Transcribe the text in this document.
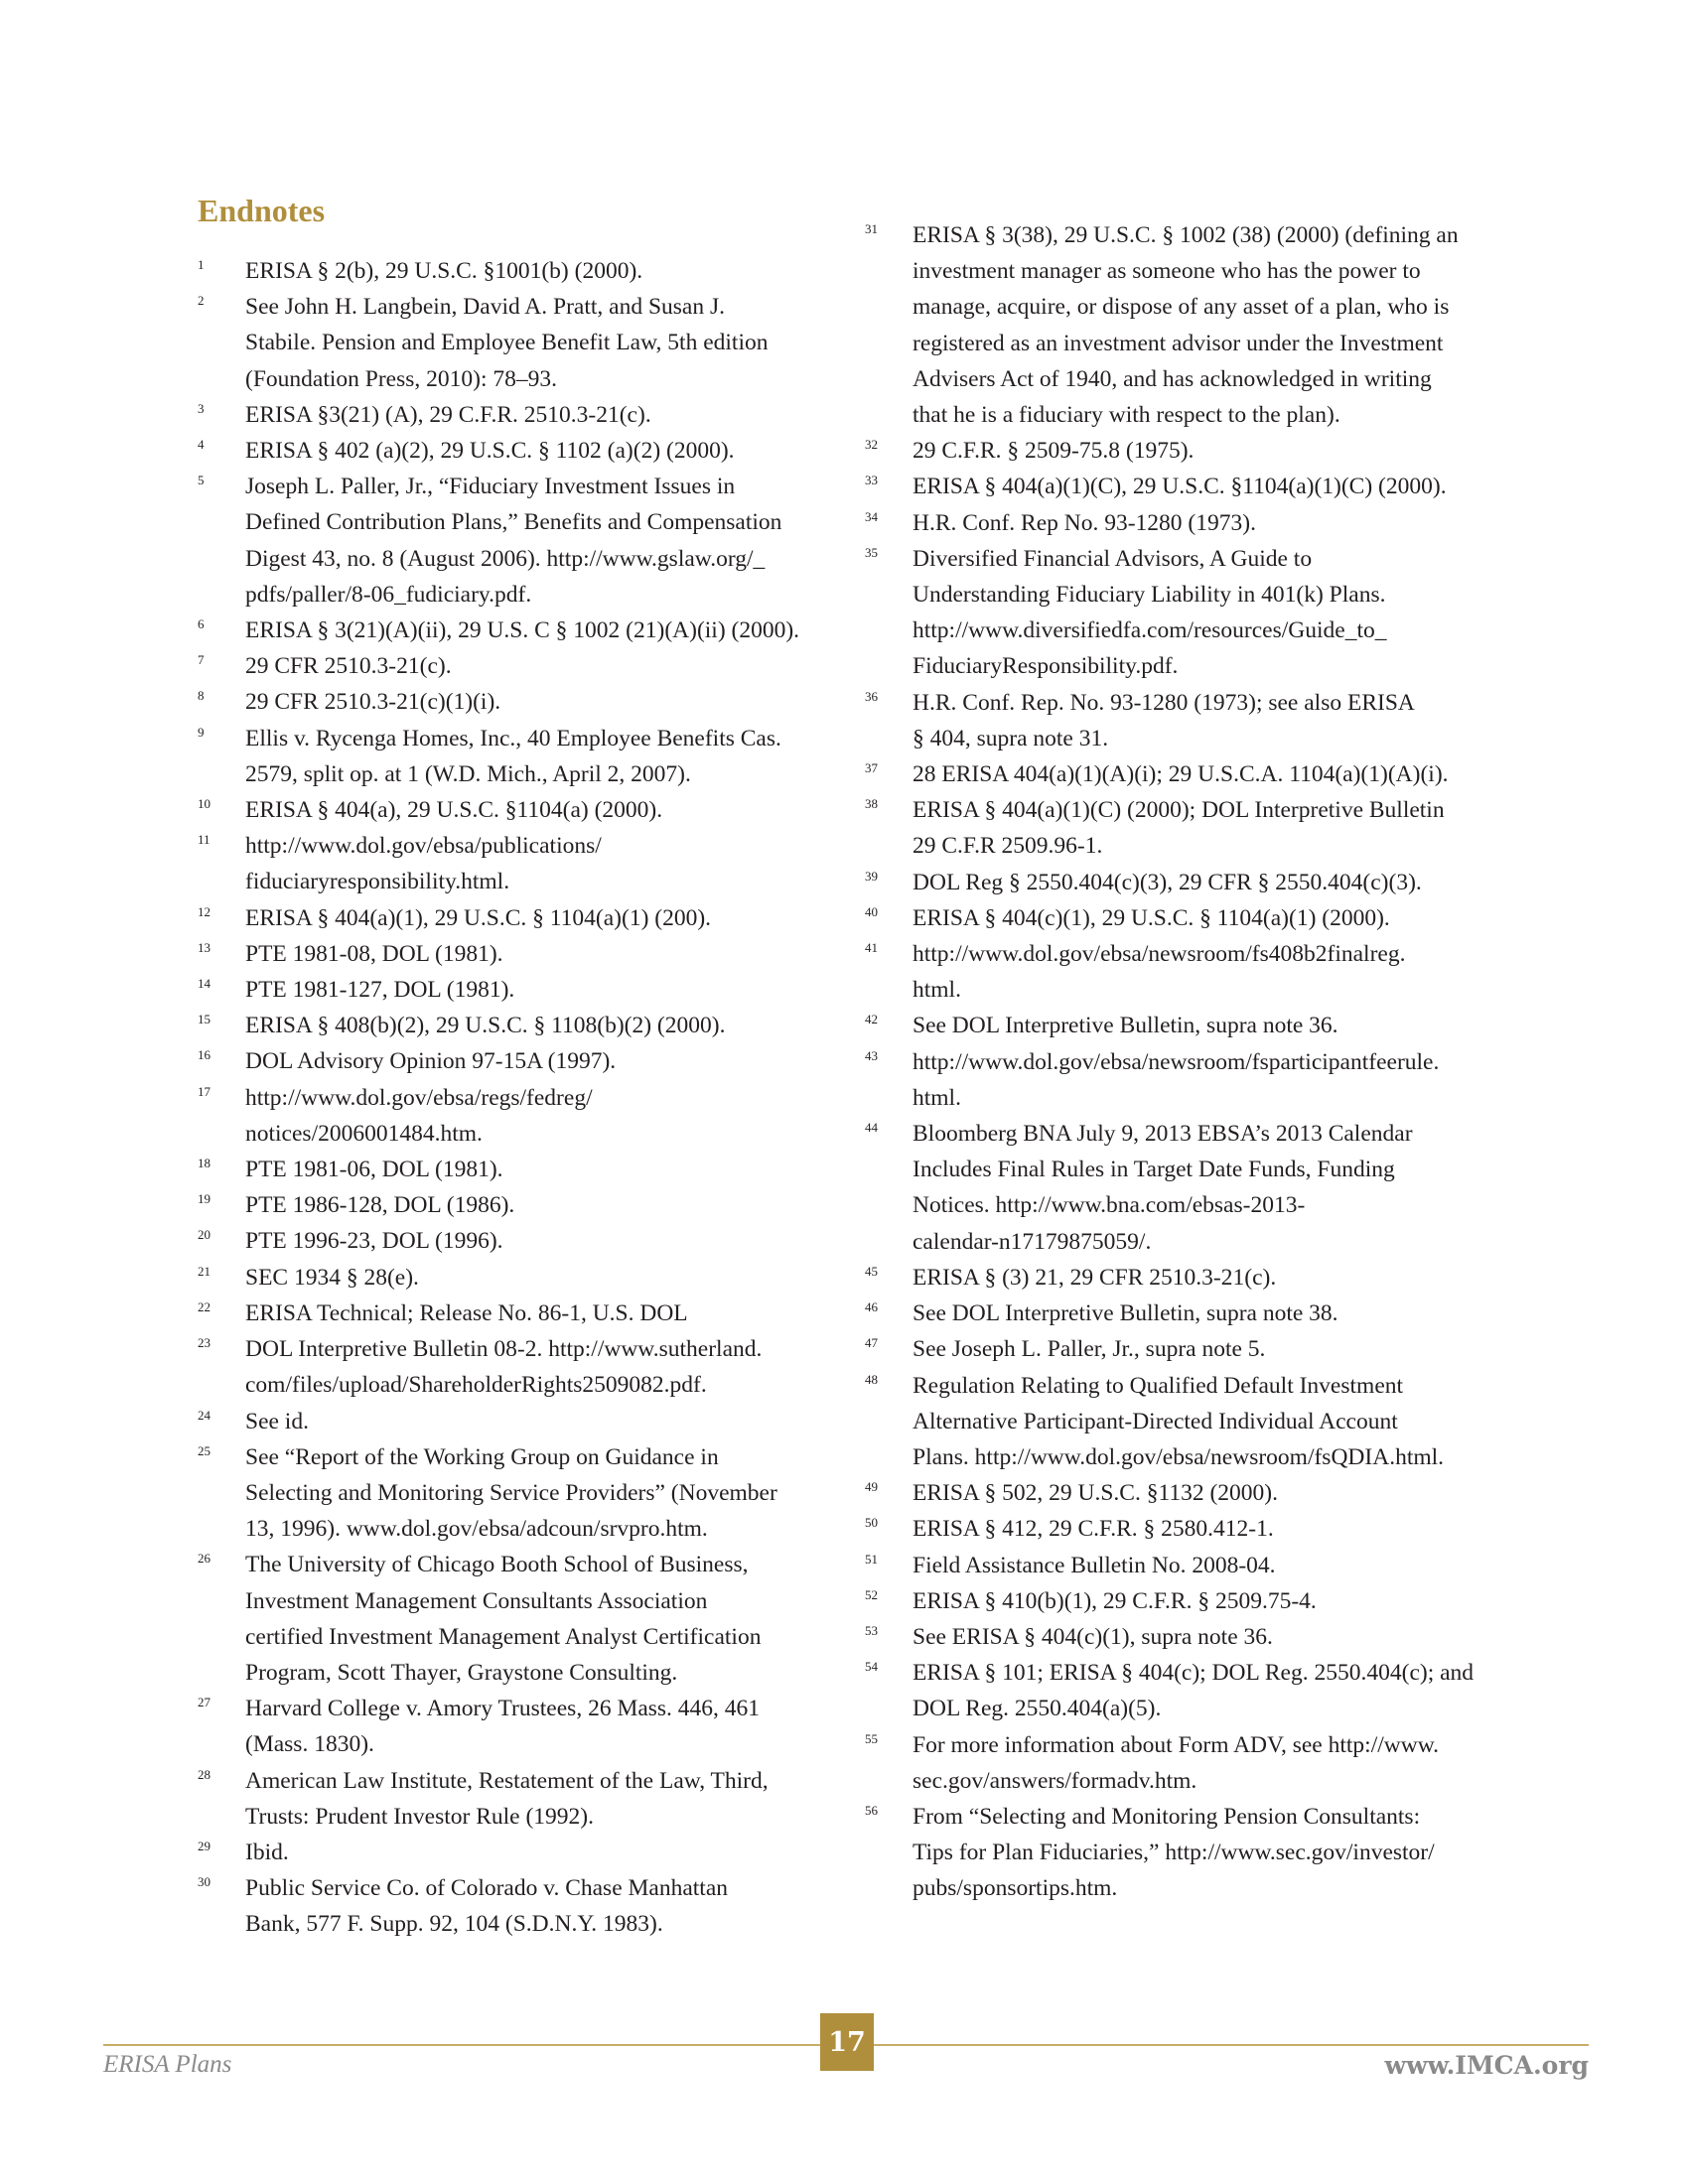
Endnotes
1	ERISA § 2(b), 29 U.S.C. §1001(b) (2000).
2	See John H. Langbein, David A. Pratt, and Susan J.
Stabile. Pension and Employee Benefit Law, 5th edition
(Foundation Press, 2010): 78–93.
3	ERISA §3(21) (A), 29 C.F.R. 2510.3-21(c).
4	ERISA § 402 (a)(2), 29 U.S.C. § 1102 (a)(2) (2000).
5	Joseph L. Paller, Jr., “Fiduciary Investment Issues in
Defined Contribution Plans,” Benefits and Compensation
Digest 43, no. 8 (August 2006). http://www.gslaw.org/_
pdfs/paller/8-06_fudiciary.pdf.
6	ERISA § 3(21)(A)(ii), 29 U.S. C § 1002 (21)(A)(ii) (2000).
7	29 CFR 2510.3-21(c).
8	29 CFR 2510.3-21(c)(1)(i).
9	Ellis v. Rycenga Homes, Inc., 40 Employee Benefits Cas.
2579, split op. at 1 (W.D. Mich., April 2, 2007).
10	ERISA § 404(a), 29 U.S.C. §1104(a) (2000).
11	http://www.dol.gov/ebsa/publications/
fiduciaryresponsibility.html.
12	ERISA § 404(a)(1), 29 U.S.C. § 1104(a)(1) (200).
13	PTE 1981-08, DOL (1981).
14	PTE 1981-127, DOL (1981).
15	ERISA § 408(b)(2), 29 U.S.C. § 1108(b)(2) (2000).
16	DOL Advisory Opinion 97-15A (1997).
17	http://www.dol.gov/ebsa/regs/fedreg/
notices/2006001484.htm.
18	PTE 1981-06, DOL (1981).
19	PTE 1986-128, DOL (1986).
20	PTE 1996-23, DOL (1996).
21	SEC 1934 § 28(e).
22	ERISA Technical; Release No. 86-1, U.S. DOL
23	DOL Interpretive Bulletin 08-2. http://www.sutherland.
com/files/upload/ShareholderRights2509082.pdf.
24	See id.
25	See “Report of the Working Group on Guidance in
Selecting and Monitoring Service Providers” (November
13, 1996). www.dol.gov/ebsa/adcoun/srvpro.htm.
26	The University of Chicago Booth School of Business,
Investment Management Consultants Association
certified Investment Management Analyst Certification
Program, Scott Thayer, Graystone Consulting.
27	Harvard College v. Amory Trustees, 26 Mass. 446, 461
(Mass. 1830).
28	American Law Institute, Restatement of the Law, Third,
Trusts: Prudent Investor Rule (1992).
29	Ibid.
30	Public Service Co. of Colorado v. Chase Manhattan
Bank, 577 F. Supp. 92, 104 (S.D.N.Y. 1983).
31	ERISA § 3(38), 29 U.S.C. § 1002 (38) (2000) (defining an
investment manager as someone who has the power to
manage, acquire, or dispose of any asset of a plan, who is
registered as an investment advisor under the Investment
Advisers Act of 1940, and has acknowledged in writing
that he is a fiduciary with respect to the plan).
32	29 C.F.R. § 2509-75.8 (1975).
33	ERISA § 404(a)(1)(C), 29 U.S.C. §1104(a)(1)(C) (2000).
34	H.R. Conf. Rep No. 93-1280 (1973).
35	Diversified Financial Advisors, A Guide to
Understanding Fiduciary Liability in 401(k) Plans.
http://www.diversifiedfa.com/resources/Guide_to_
FiduciaryResponsibility.pdf.
36	H.R. Conf. Rep. No. 93-1280 (1973); see also ERISA
§ 404, supra note 31.
37	28 ERISA 404(a)(1)(A)(i); 29 U.S.C.A. 1104(a)(1)(A)(i).
38	ERISA § 404(a)(1)(C) (2000); DOL Interpretive Bulletin
29 C.F.R 2509.96-1.
39	DOL Reg § 2550.404(c)(3), 29 CFR § 2550.404(c)(3).
40	ERISA § 404(c)(1), 29 U.S.C. § 1104(a)(1) (2000).
41	http://www.dol.gov/ebsa/newsroom/fs408b2finalreg.
html.
42	See DOL Interpretive Bulletin, supra note 36.
43	http://www.dol.gov/ebsa/newsroom/fsparticipantfeerule.
html.
44	Bloomberg BNA July 9, 2013 EBSA’s 2013 Calendar
Includes Final Rules in Target Date Funds, Funding
Notices. http://www.bna.com/ebsas-2013-
calendar-n17179875059/.
45	ERISA § (3) 21, 29 CFR 2510.3-21(c).
46	See DOL Interpretive Bulletin, supra note 38.
47	See Joseph L. Paller, Jr., supra note 5.
48	Regulation Relating to Qualified Default Investment
Alternative Participant-Directed Individual Account
Plans. http://www.dol.gov/ebsa/newsroom/fsQDIA.html.
49	ERISA § 502, 29 U.S.C. §1132 (2000).
50	ERISA § 412, 29 C.F.R. § 2580.412-1.
51	Field Assistance Bulletin No. 2008-04.
52	ERISA § 410(b)(1), 29 C.F.R. § 2509.75-4.
53	See ERISA § 404(c)(1), supra note 36.
54	ERISA § 101; ERISA § 404(c); DOL Reg. 2550.404(c); and
DOL Reg. 2550.404(a)(5).
55	For more information about Form ADV, see http://www.
sec.gov/answers/formadv.htm.
56	From “Selecting and Monitoring Pension Consultants:
Tips for Plan Fiduciaries,” http://www.sec.gov/investor/
pubs/sponsortips.htm.
17
ERISA Plans	www.IMCA.org
